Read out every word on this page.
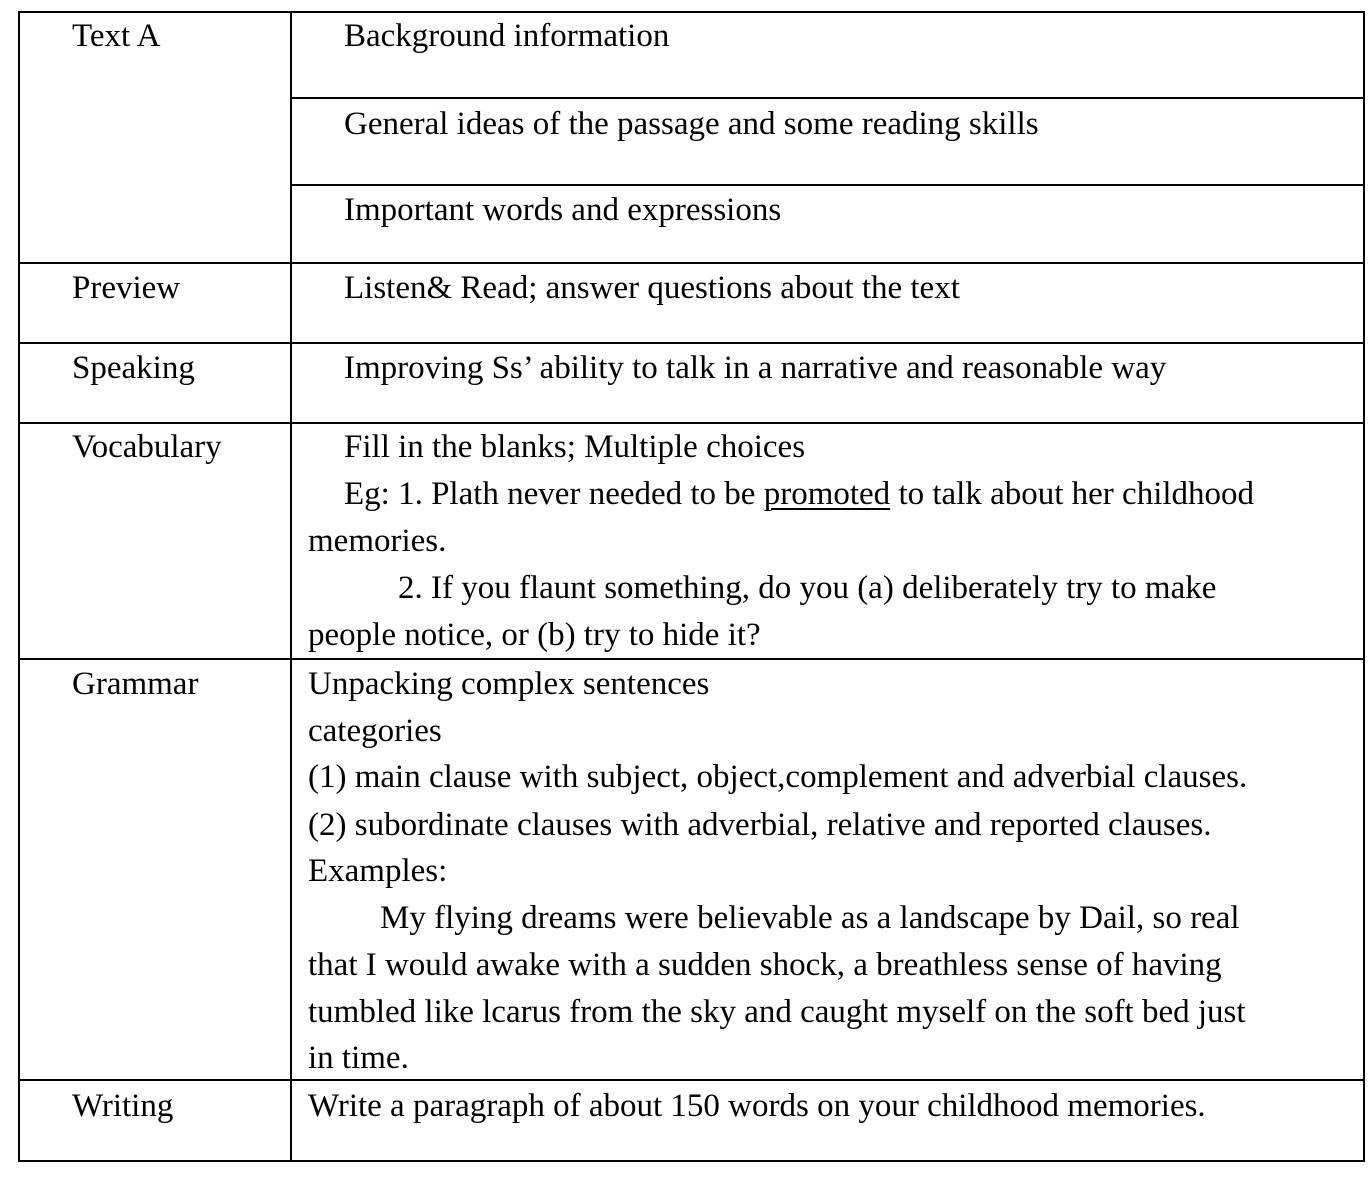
Text A	Background information

General ideas of the passage and some reading skills

Important words and expressions

Preview	Listen& Read; answer questions about the text

Speaking	Improving Ss’ ability to talk in a narrative and reasonable way

Vocabulary	Fill in the blanks; Multiple choices

Eg: 1. Plath never needed to be promoted to talk about her childhood

memories.

2. If you flaunt something, do you (a) deliberately try to make

people notice, or (b) try to hide it?

Grammar	Unpacking complex sentences

categories

(1) main clause with subject, object,complement and adverbial clauses.

(2) subordinate clauses with adverbial, relative and reported clauses.

Examples:

My flying dreams were believable as a landscape by Dail, so real

that I would awake with a sudden shock, a breathless sense of having

tumbled like lcarus from the sky and caught myself on the soft bed just

in time.

Writing	Write a paragraph of about 150 words on your childhood memories.
